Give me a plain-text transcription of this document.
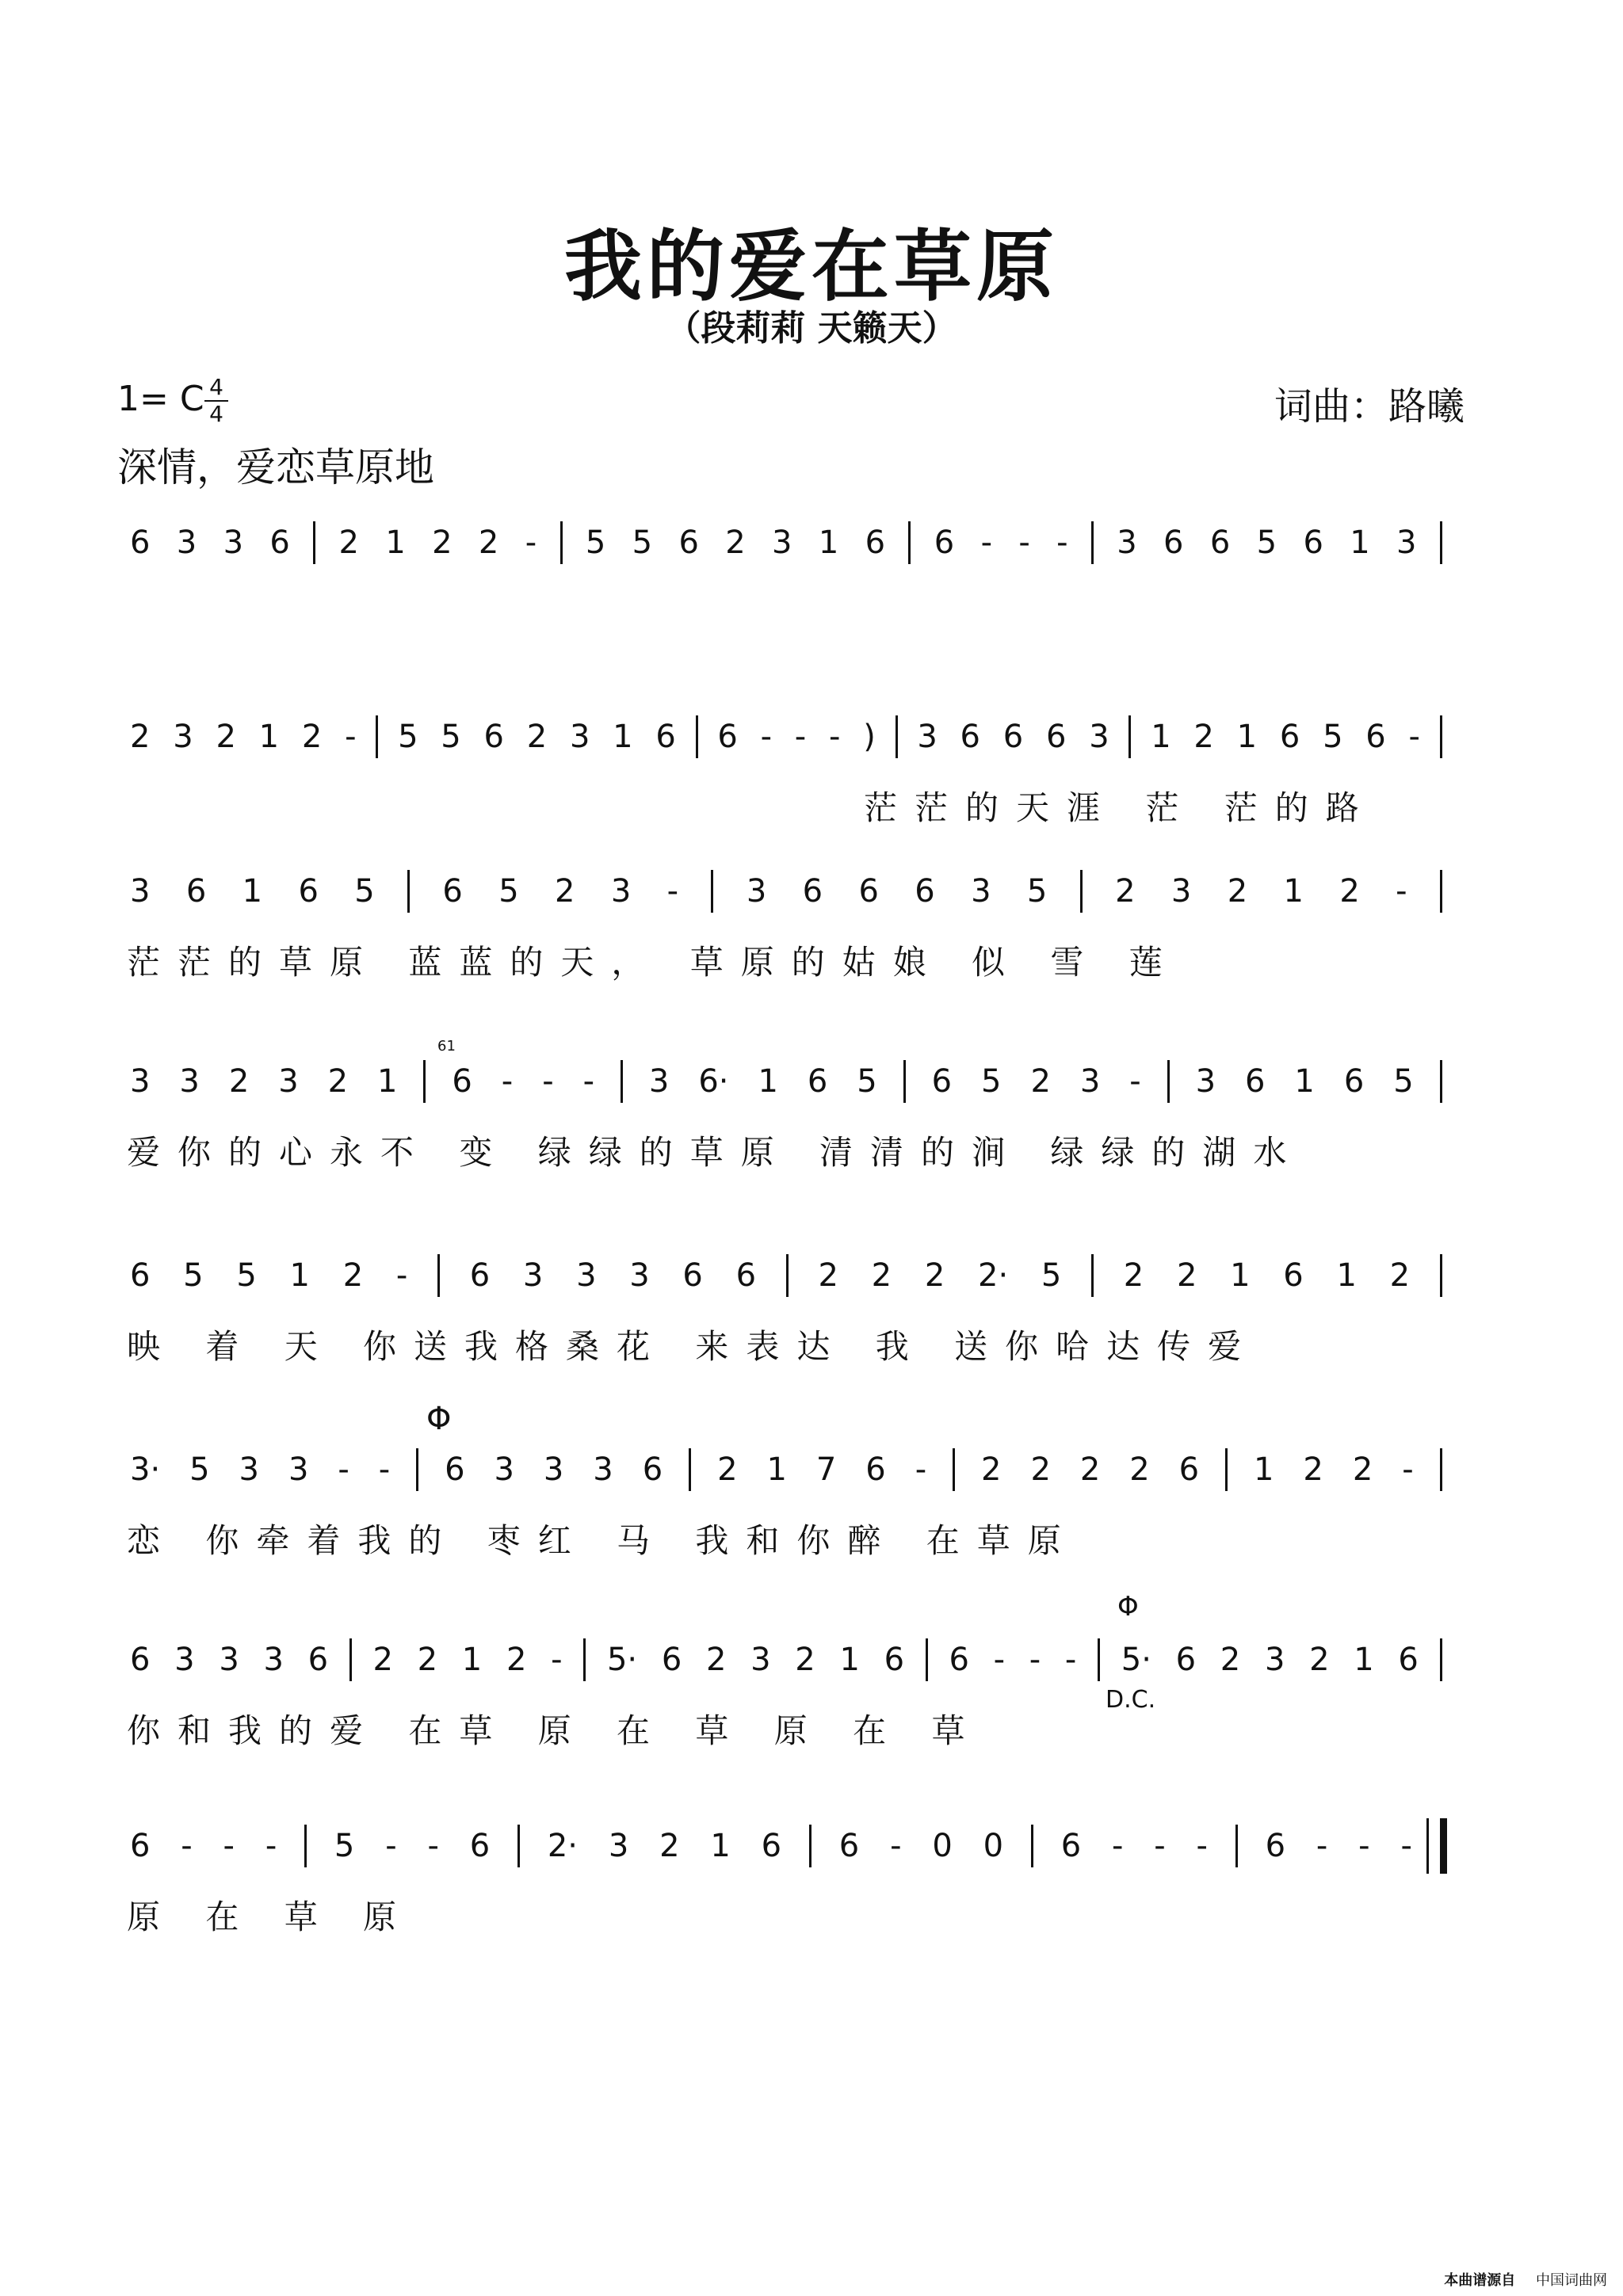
我的爱在草原
（段莉莉 天籁天）
1= C 4
4	词曲：路曦
深情，爱恋草原地
6 3 3 6 2 1 2 2 - 5 5 6 2 3 1 6 6 - - - 3 6 6 5 6 1 3
2 3 2 1 2 - 5 5 6 2 3 1 6 6 - - - ) 3 6 6 6 3 1 2 1 6 5 6 -
茫茫的天涯 茫 茫的路
3 6 1 6 5 6 5 2 3 - 3 6 6 6 3 5 2 3 2 1 2 -
茫茫的草原 蓝蓝的天， 草原的姑娘 似 雪 莲
3 3 2 3 2 1 6 - - - 3 6· 1 6 5 6 5 2 3 - 3 6 1 6 5
爱你的心永不 变 绿绿的草原 清清的涧 绿绿的湖水
6 5 5 1 2 - 6 3 3 3 6 6 2 2 2 2· 5 2 2 1 6 1 2
映 着 天 你送我格桑花 来表达 我 送你哈达传爱
3· 5 3 3 - - 6 3 3 3 6 2 1 7 6 - 2 2 2 2 6 1 2 2 -
恋 你牵着我的 枣红 马 我和你醉 在草原
6 3 3 3 6 2 2 1 2 - 5· 6 2 3 2 1 6 6 - - - 5· 6 2 3 2 1 6
你和我的爱 在草 原 在 草 原 在 草
6 - - - 5 - - 6 2· 3 2 1 6 6 - 0 0 6 - - - 6 - - -
原 在 草 原
Φ
Φ
D.C.
61
本曲谱源自 中国词曲网
